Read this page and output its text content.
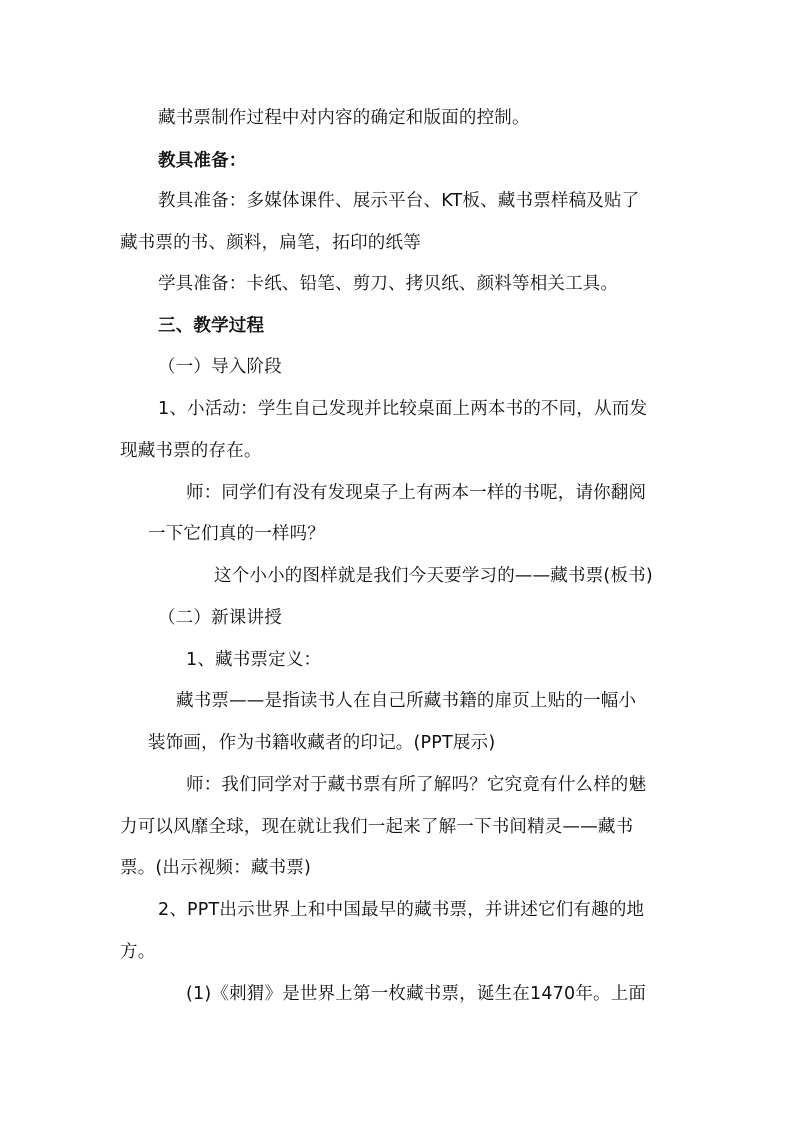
藏书票制作过程中对内容的确定和版面的控制。
教具准备：
教具准备：多媒体课件、展示平台、KT板、藏书票样稿及贴了
藏书票的书、颜料，扁笔，拓印的纸等
学具准备：卡纸、铅笔、剪刀、拷贝纸、颜料等相关工具。
三、教学过程
（一）导入阶段
1、小活动：学生自己发现并比较桌面上两本书的不同，从而发
现藏书票的存在。
师：同学们有没有发现桌子上有两本一样的书呢，请你翻阅
一下它们真的一样吗？
这个小小的图样就是我们今天要学习的——藏书票(板书)
（二）新课讲授
1、藏书票定义：
藏书票——是指读书人在自己所藏书籍的扉页上贴的一幅小
装饰画，作为书籍收藏者的印记。(PPT展示)
师：我们同学对于藏书票有所了解吗？它究竟有什么样的魅
力可以风靡全球，现在就让我们一起来了解一下书间精灵——藏书
票。(出示视频：藏书票)
2、PPT出示世界上和中国最早的藏书票，并讲述它们有趣的地
方。
(1)《刺猬》是世界上第一枚藏书票，诞生在1470年。上面
